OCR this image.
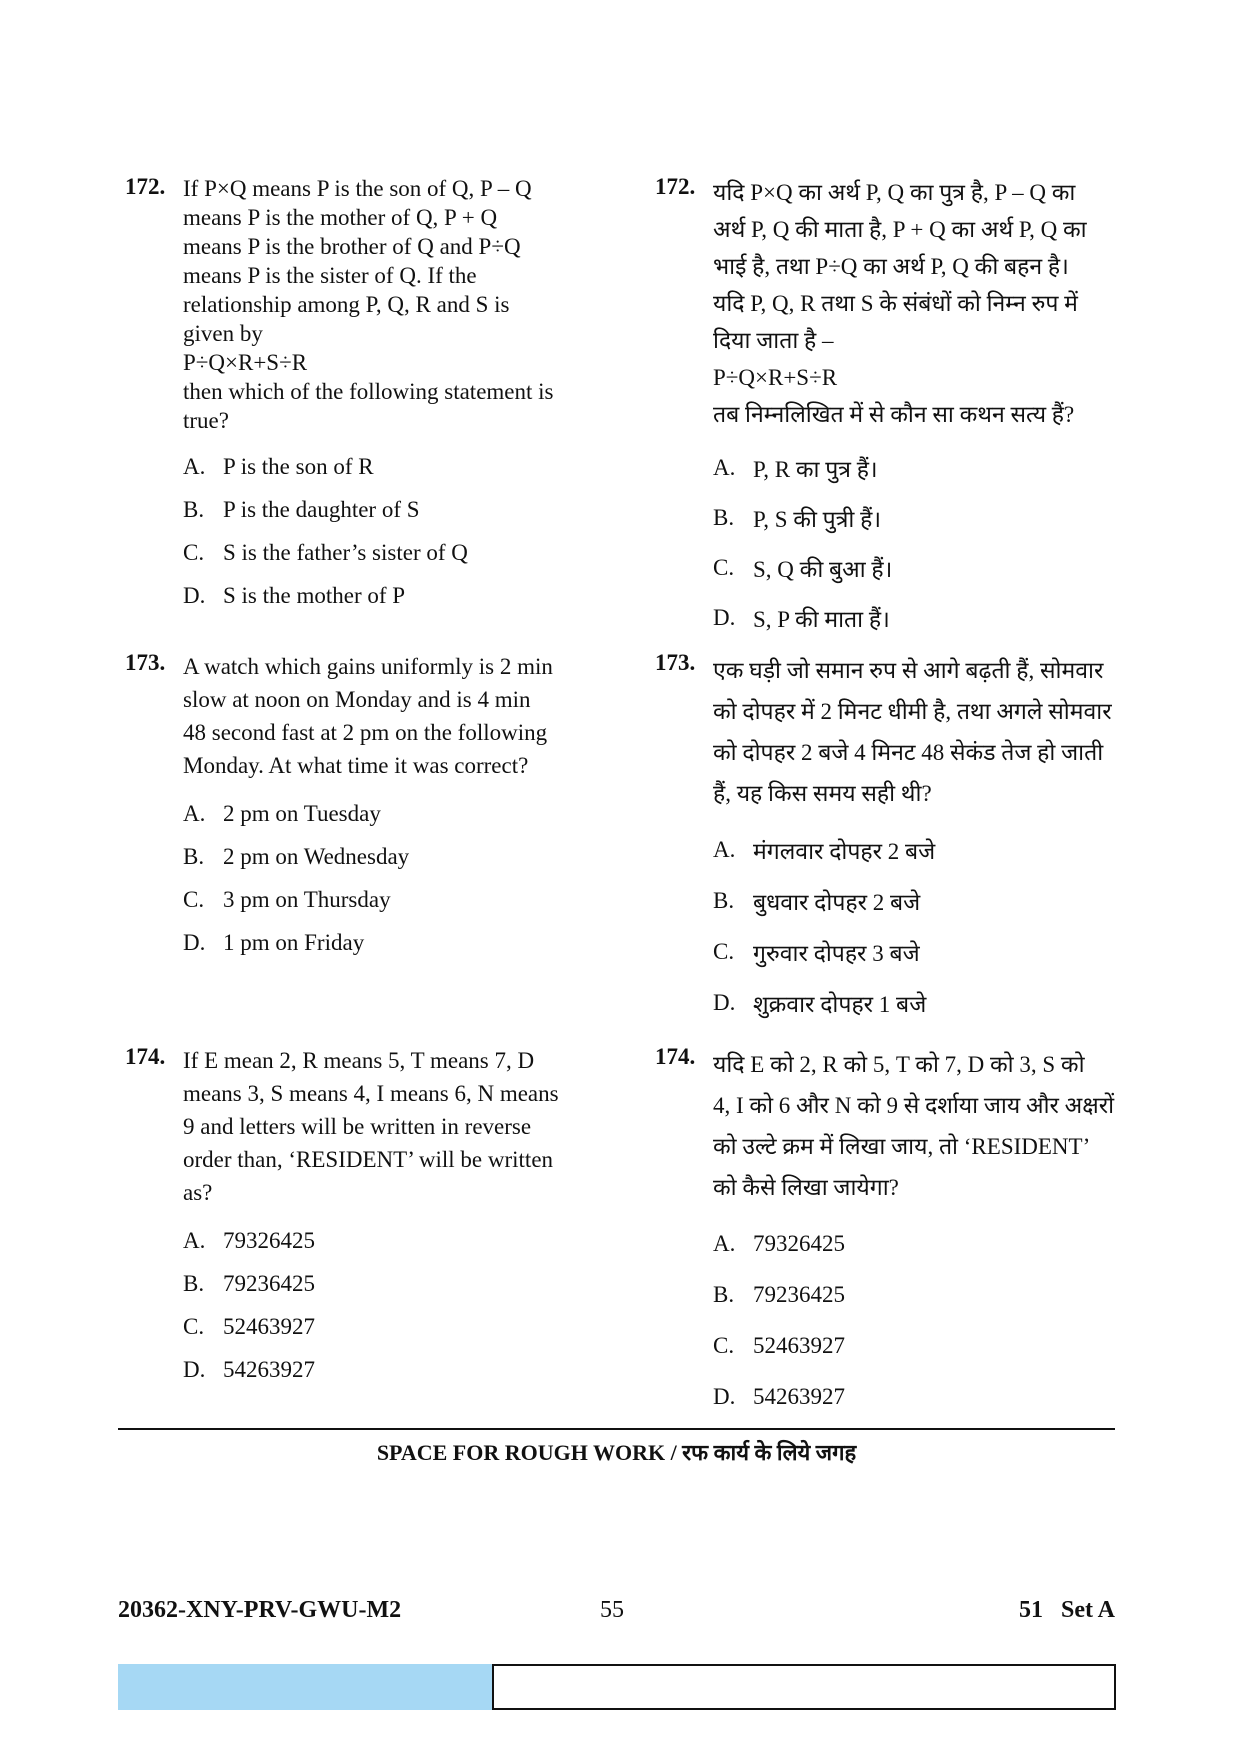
172. If P×Q means P is the son of Q, P – Q
means P is the mother of Q, P + Q
means P is the brother of Q and P÷Q
means P is the sister of Q. If the
relationship among P, Q, R and S is
given by
P÷Q×R+S÷R
then which of the following statement is
true?
A. P is the son of R
B. P is the daughter of S
C. S is the father’s sister of Q
D. S is the mother of P
172. यदि P×Q का अर्थ P, Q का पुत्र है, P – Q का
अर्थ P, Q की माता है, P + Q का अर्थ P, Q का
भाई है, तथा P÷Q का अर्थ P, Q की बहन है।
यदि P, Q, R तथा S के संबंधों को निम्न रुप में
दिया जाता है –
P÷Q×R+S÷R
तब निम्नलिखित में से कौन सा कथन सत्य हैं?
A. P, R का पुत्र हैं।
B. P, S की पुत्री हैं।
C. S, Q की बुआ हैं।
D. S, P की माता हैं।
173. A watch which gains uniformly is 2 min
slow at noon on Monday and is 4 min
48 second fast at 2 pm on the following
Monday. At what time it was correct?
A. 2 pm on Tuesday
B. 2 pm on Wednesday
C. 3 pm on Thursday
D. 1 pm on Friday
173. एक घड़ी जो समान रुप से आगे बढ़ती हैं, सोमवार
को दोपहर में 2 मिनट धीमी है, तथा अगले सोमवार
को दोपहर 2 बजे 4 मिनट 48 सेकंड तेज हो जाती
हैं, यह किस समय सही थी?
A. मंगलवार दोपहर 2 बजे
B. बुधवार दोपहर 2 बजे
C. गुरुवार दोपहर 3 बजे
D. शुक्रवार दोपहर 1 बजे
174. If E mean 2, R means 5, T means 7, D
means 3, S means 4, I means 6, N means
9 and letters will be written in reverse
order than, ‘RESIDENT’ will be written
as?
A. 79326425
B. 79236425
C. 52463927
D. 54263927
174. यदि E को 2, R को 5, T को 7, D को 3, S को
4, I को 6 और N को 9 से दर्शाया जाय और अक्षरों
को उल्टे क्रम में लिखा जाय, तो ‘RESIDENT’
को कैसे लिखा जायेगा?
A. 79326425
B. 79236425
C. 52463927
D. 54263927
SPACE FOR ROUGH WORK / रफ कार्य के लिये जगह
20362-XNY-PRV-GWU-M2	55	51   Set A
